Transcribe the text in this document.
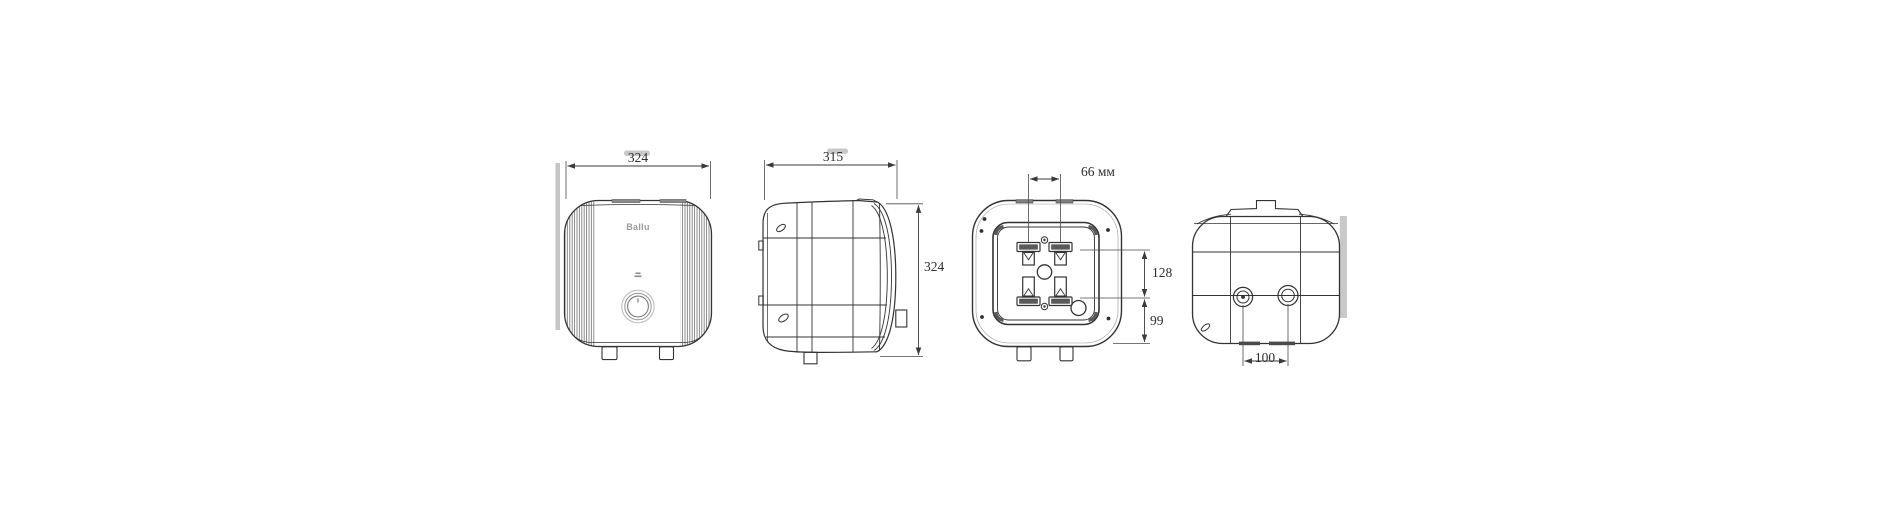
Ballu
324	315
324
66 мм
128
99
100
